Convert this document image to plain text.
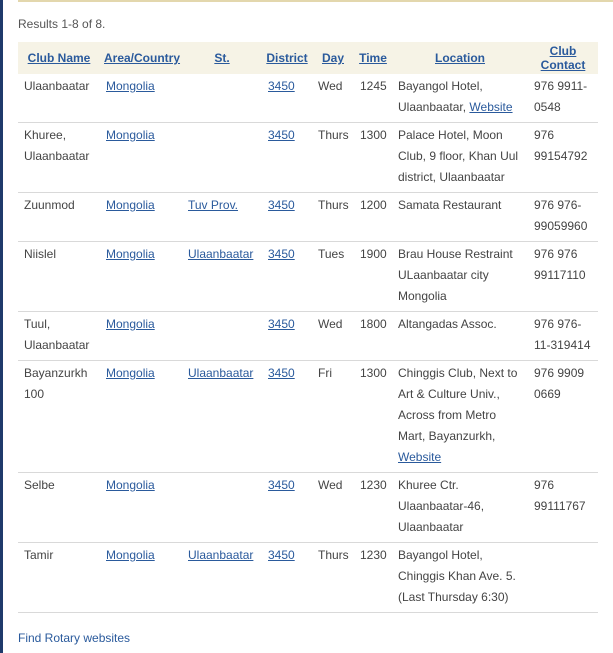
Results 1-8 of 8.
Club Name	Area/Country	St.	District	Day	Time	Location	Club Contact
Ulaanbaatar	Mongolia		3450	Wed	1245	Bayangol Hotel, Ulaanbaatar, Website	976 9911-0548
Khuree, Ulaanbaatar	Mongolia		3450	Thurs	1300	Palace Hotel, Moon Club, 9 floor, Khan Uul district, Ulaanbaatar	976 99154792
Zuunmod	Mongolia	Tuv Prov.	3450	Thurs	1200	Samata Restaurant	976 976-99059960
Niislel	Mongolia	Ulaanbaatar	3450	Tues	1900	Brau House Restraint ULaanbaatar city Mongolia	976 976 99117110
Tuul, Ulaanbaatar	Mongolia		3450	Wed	1800	Altangadas Assoc.	976 976-11-319414
Bayanzurkh 100	Mongolia	Ulaanbaatar	3450	Fri	1300	Chinggis Club, Next to Art & Culture Univ., Across from Metro Mart, Bayanzurkh, Website	976 9909 0669
Selbe	Mongolia		3450	Wed	1230	Khuree Ctr. Ulaanbaatar-46, Ulaanbaatar	976 99111767
Tamir	Mongolia	Ulaanbaatar	3450	Thurs	1230	Bayangol Hotel, Chinggis Khan Ave. 5. (Last Thursday 6:30)	
Find Rotary websites
